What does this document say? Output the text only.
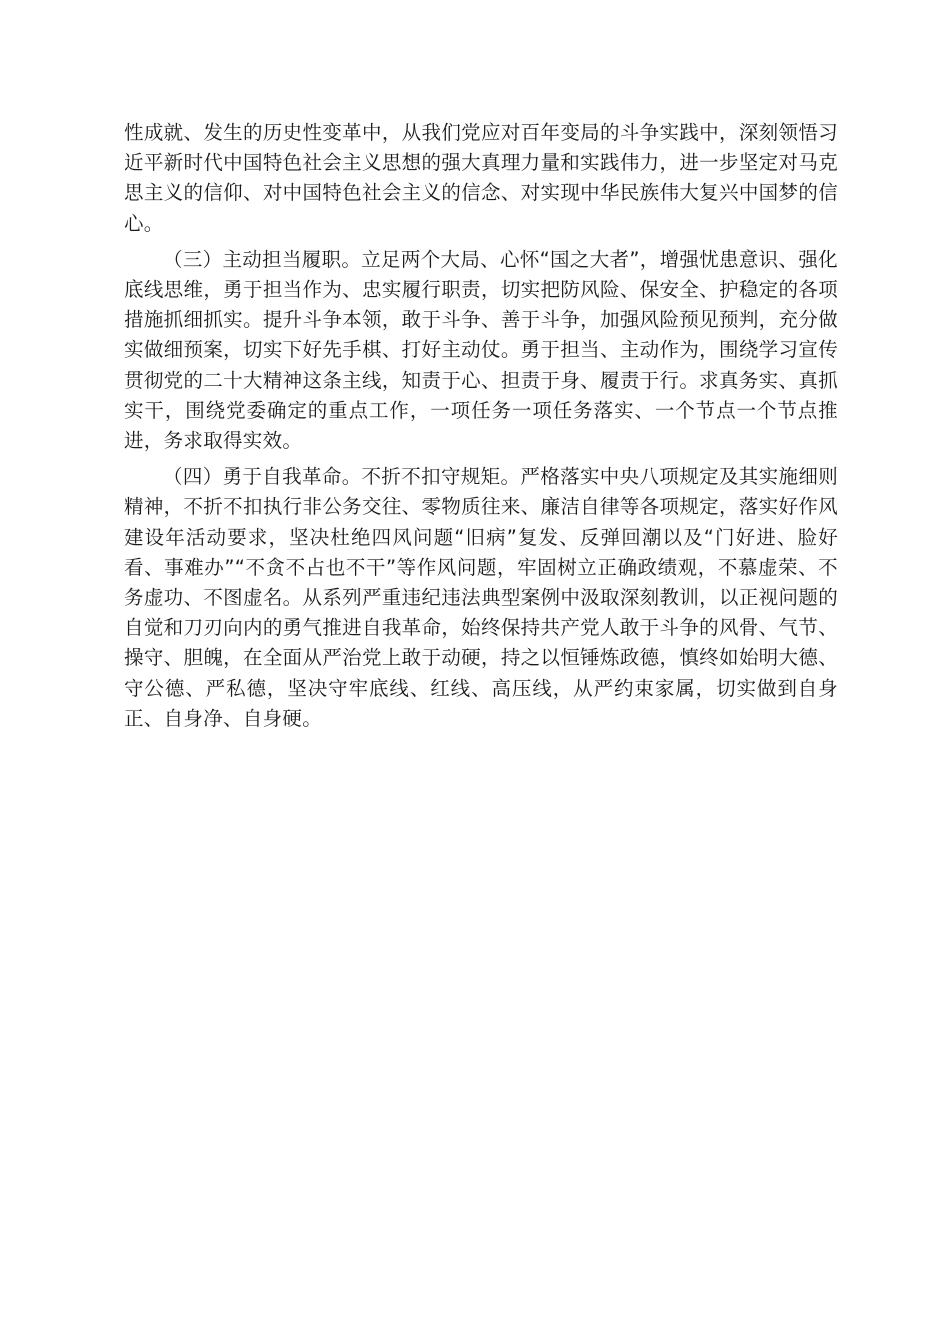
性成就、发生的历史性变革中，从我们党应对百年变局的斗争实践中，深刻领悟习近平新时代中国特色社会主义思想的强大真理力量和实践伟力，进一步坚定对马克思主义的信仰、对中国特色社会主义的信念、对实现中华民族伟大复兴中国梦的信心。

（三）主动担当履职。立足两个大局、心怀“国之大者”，增强忧患意识、强化底线思维，勇于担当作为、忠实履行职责，切实把防风险、保安全、护稳定的各项措施抓细抓实。提升斗争本领，敢于斗争、善于斗争，加强风险预见预判，充分做实做细预案，切实下好先手棋、打好主动仗。勇于担当、主动作为，围绕学习宣传贯彻党的二十大精神这条主线，知责于心、担责于身、履责于行。求真务实、真抓实干，围绕党委确定的重点工作，一项任务一项任务落实、一个节点一个节点推进，务求取得实效。

（四）勇于自我革命。不折不扣守规矩。严格落实中央八项规定及其实施细则精神，不折不扣执行非公务交往、零物质往来、廉洁自律等各项规定，落实好作风建设年活动要求，坚决杜绝四风问题“旧病”复发、反弹回潮以及“门好进、脸好看、事难办”“不贪不占也不干”等作风问题，牢固树立正确政绩观，不慕虚荣、不务虚功、不图虚名。从系列严重违纪违法典型案例中汲取深刻教训，以正视问题的自觉和刀刃向内的勇气推进自我革命，始终保持共产党人敢于斗争的风骨、气节、操守、胆魄，在全面从严治党上敢于动硬，持之以恒锤炼政德，慎终如始明大德、守公德、严私德，坚决守牢底线、红线、高压线，从严约束家属，切实做到自身正、自身净、自身硬。
